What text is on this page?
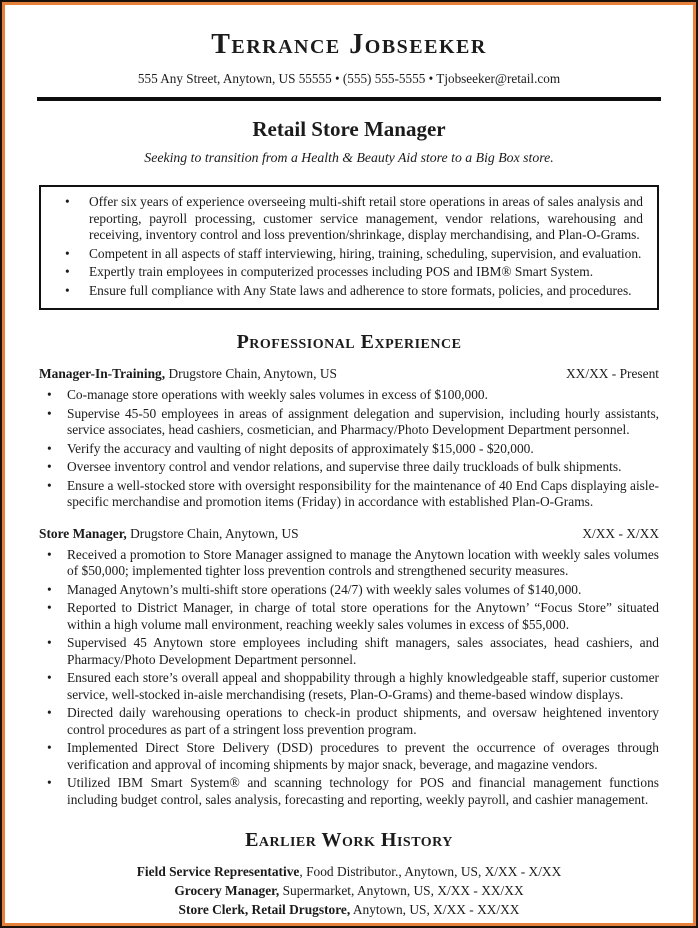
Terrance Jobseeker
555 Any Street, Anytown, US 55555 • (555) 555-5555 • Tjobseeker@retail.com
Retail Store Manager
Seeking to transition from a Health & Beauty Aid store to a Big Box store.
• Offer six years of experience overseeing multi-shift retail store operations in areas of sales analysis and reporting, payroll processing, customer service management, vendor relations, warehousing and receiving, inventory control and loss prevention/shrinkage, display merchandising, and Plan-O-Grams.
• Competent in all aspects of staff interviewing, hiring, training, scheduling, supervision, and evaluation.
• Expertly train employees in computerized processes including POS and IBM® Smart System.
• Ensure full compliance with Any State laws and adherence to store formats, policies, and procedures.
Professional Experience
Manager-In-Training, Drugstore Chain, Anytown, US	XX/XX - Present
• Co-manage store operations with weekly sales volumes in excess of $100,000.
• Supervise 45-50 employees in areas of assignment delegation and supervision, including hourly assistants, service associates, head cashiers, cosmetician, and Pharmacy/Photo Development Department personnel.
• Verify the accuracy and vaulting of night deposits of approximately $15,000 - $20,000.
• Oversee inventory control and vendor relations, and supervise three daily truckloads of bulk shipments.
• Ensure a well-stocked store with oversight responsibility for the maintenance of 40 End Caps displaying aisle-specific merchandise and promotion items (Friday) in accordance with established Plan-O-Grams.
Store Manager, Drugstore Chain, Anytown, US	X/XX - X/XX
• Received a promotion to Store Manager assigned to manage the Anytown location with weekly sales volumes of $50,000; implemented tighter loss prevention controls and strengthened security measures.
• Managed Anytown’s multi-shift store operations (24/7) with weekly sales volumes of $140,000.
• Reported to District Manager, in charge of total store operations for the Anytown’ “Focus Store” situated within a high volume mall environment, reaching weekly sales volumes in excess of $55,000.
• Supervised 45 Anytown store employees including shift managers, sales associates, head cashiers, and Pharmacy/Photo Development Department personnel.
• Ensured each store’s overall appeal and shoppability through a highly knowledgeable staff, superior customer service, well-stocked in-aisle merchandising (resets, Plan-O-Grams) and theme-based window displays.
• Directed daily warehousing operations to check-in product shipments, and oversaw heightened inventory control procedures as part of a stringent loss prevention program.
• Implemented Direct Store Delivery (DSD) procedures to prevent the occurrence of overages through verification and approval of incoming shipments by major snack, beverage, and magazine vendors.
• Utilized IBM Smart System® and scanning technology for POS and financial management functions including budget control, sales analysis, forecasting and reporting, weekly payroll, and cashier management.
Earlier Work History
Field Service Representative, Food Distributor., Anytown, US, X/XX - X/XX
Grocery Manager, Supermarket, Anytown, US, X/XX - XX/XX
Store Clerk, Retail Drugstore, Anytown, US, X/XX - XX/XX
